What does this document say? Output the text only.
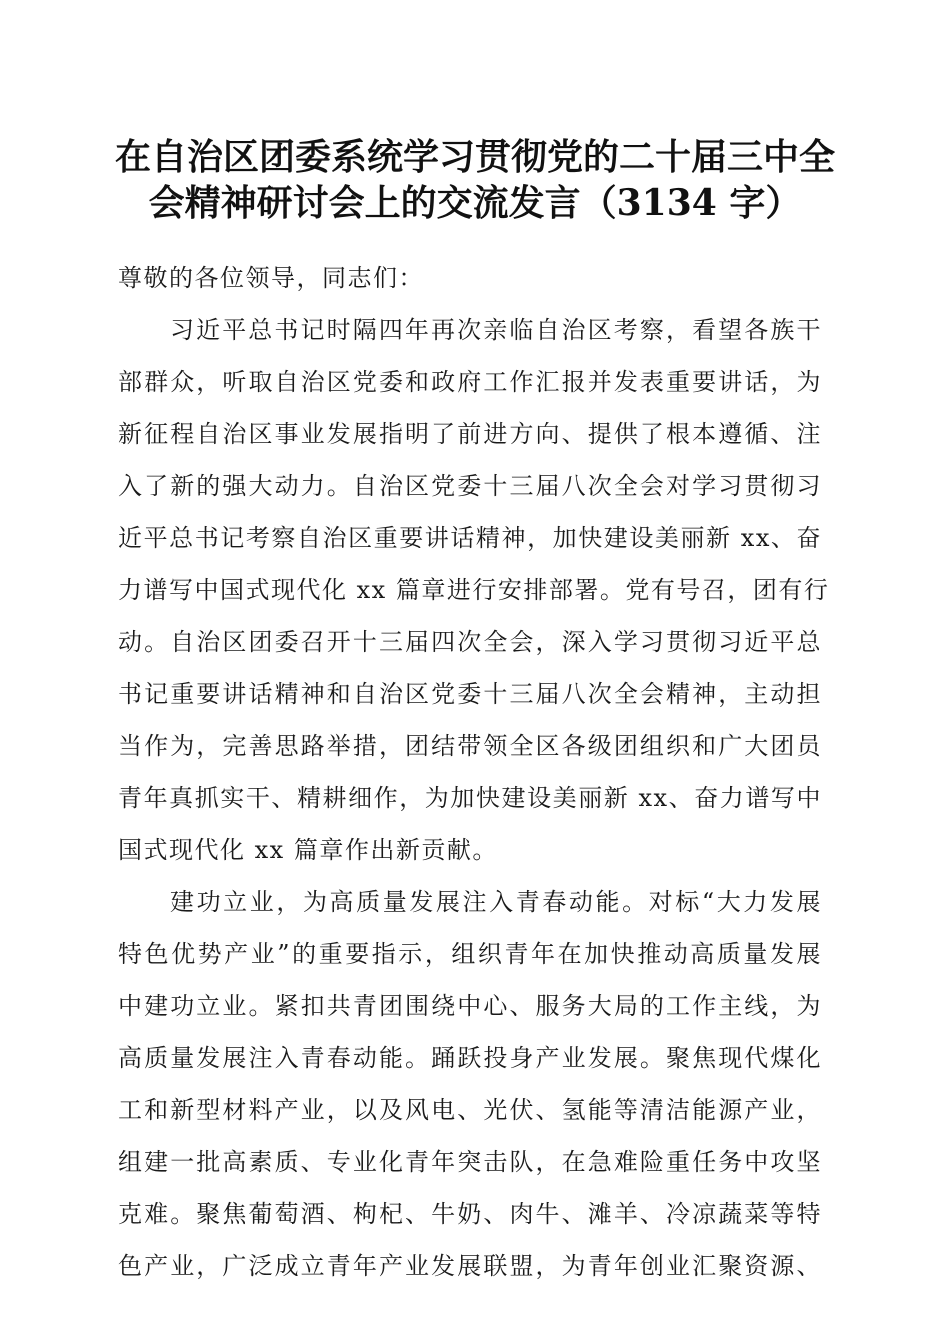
在自治区团委系统学习贯彻党的二十届三中全
会精神研讨会上的交流发言（3134 字）
尊敬的各位领导，同志们：
习近平总书记时隔四年再次亲临自治区考察，看望各族干
部群众，听取自治区党委和政府工作汇报并发表重要讲话，为
新征程自治区事业发展指明了前进方向、提供了根本遵循、注
入了新的强大动力。自治区党委十三届八次全会对学习贯彻习
近平总书记考察自治区重要讲话精神，加快建设美丽新 xx、奋
力谱写中国式现代化 xx 篇章进行安排部署。党有号召，团有行
动。自治区团委召开十三届四次全会，深入学习贯彻习近平总
书记重要讲话精神和自治区党委十三届八次全会精神，主动担
当作为，完善思路举措，团结带领全区各级团组织和广大团员
青年真抓实干、精耕细作，为加快建设美丽新 xx、奋力谱写中
国式现代化 xx 篇章作出新贡献。
建功立业，为高质量发展注入青春动能。对标“大力发展
特色优势产业”的重要指示，组织青年在加快推动高质量发展
中建功立业。紧扣共青团围绕中心、服务大局的工作主线，为
高质量发展注入青春动能。踊跃投身产业发展。聚焦现代煤化
工和新型材料产业，以及风电、光伏、氢能等清洁能源产业，
组建一批高素质、专业化青年突击队，在急难险重任务中攻坚
克难。聚焦葡萄酒、枸杞、牛奶、肉牛、滩羊、冷凉蔬菜等特
色产业，广泛成立青年产业发展联盟，为青年创业汇聚资源、
